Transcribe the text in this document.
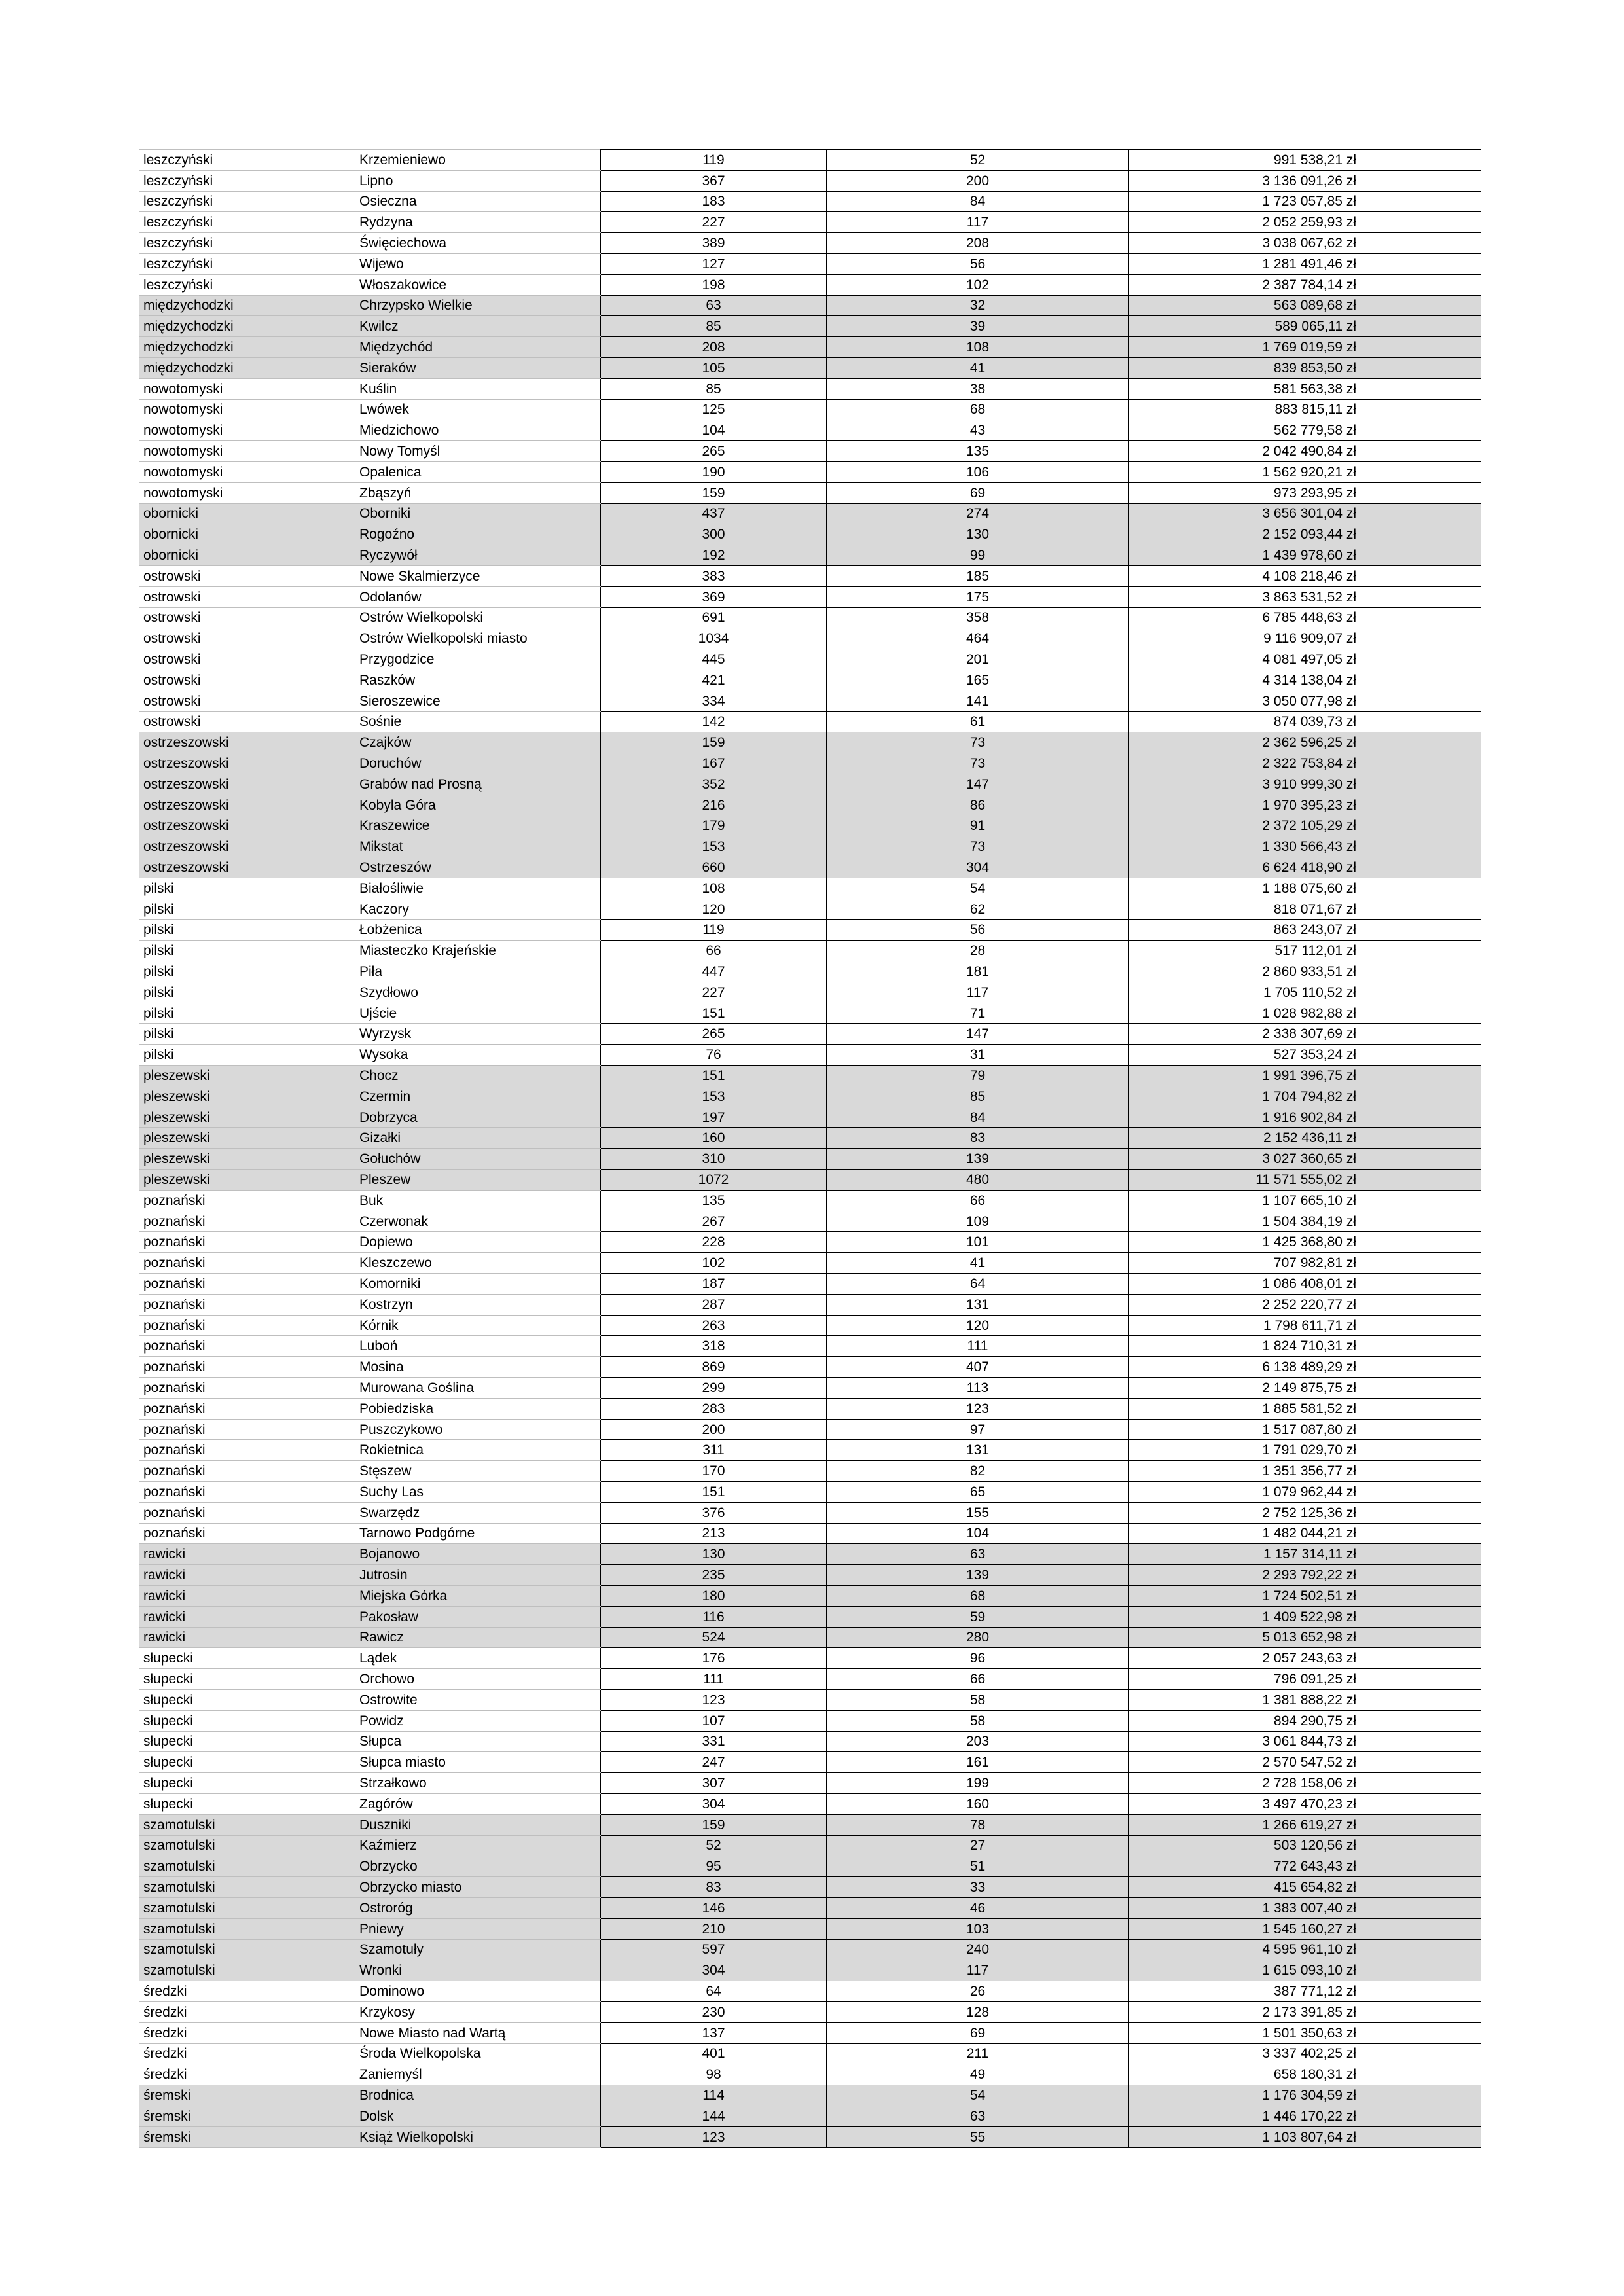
leszczyński	Krzemieniewo	119	52	991 538,21 zł
leszczyński	Lipno	367	200	3 136 091,26 zł
leszczyński	Osieczna	183	84	1 723 057,85 zł
leszczyński	Rydzyna	227	117	2 052 259,93 zł
leszczyński	Święciechowa	389	208	3 038 067,62 zł
leszczyński	Wijewo	127	56	1 281 491,46 zł
leszczyński	Włoszakowice	198	102	2 387 784,14 zł
międzychodzki	Chrzypsko Wielkie	63	32	563 089,68 zł
międzychodzki	Kwilcz	85	39	589 065,11 zł
międzychodzki	Międzychód	208	108	1 769 019,59 zł
międzychodzki	Sieraków	105	41	839 853,50 zł
nowotomyski	Kuślin	85	38	581 563,38 zł
nowotomyski	Lwówek	125	68	883 815,11 zł
nowotomyski	Miedzichowo	104	43	562 779,58 zł
nowotomyski	Nowy Tomyśl	265	135	2 042 490,84 zł
nowotomyski	Opalenica	190	106	1 562 920,21 zł
nowotomyski	Zbąszyń	159	69	973 293,95 zł
obornicki	Oborniki	437	274	3 656 301,04 zł
obornicki	Rogoźno	300	130	2 152 093,44 zł
obornicki	Ryczywół	192	99	1 439 978,60 zł
ostrowski	Nowe Skalmierzyce	383	185	4 108 218,46 zł
ostrowski	Odolanów	369	175	3 863 531,52 zł
ostrowski	Ostrów Wielkopolski	691	358	6 785 448,63 zł
ostrowski	Ostrów Wielkopolski miasto	1034	464	9 116 909,07 zł
ostrowski	Przygodzice	445	201	4 081 497,05 zł
ostrowski	Raszków	421	165	4 314 138,04 zł
ostrowski	Sieroszewice	334	141	3 050 077,98 zł
ostrowski	Sośnie	142	61	874 039,73 zł
ostrzeszowski	Czajków	159	73	2 362 596,25 zł
ostrzeszowski	Doruchów	167	73	2 322 753,84 zł
ostrzeszowski	Grabów nad Prosną	352	147	3 910 999,30 zł
ostrzeszowski	Kobyla Góra	216	86	1 970 395,23 zł
ostrzeszowski	Kraszewice	179	91	2 372 105,29 zł
ostrzeszowski	Mikstat	153	73	1 330 566,43 zł
ostrzeszowski	Ostrzeszów	660	304	6 624 418,90 zł
pilski	Białośliwie	108	54	1 188 075,60 zł
pilski	Kaczory	120	62	818 071,67 zł
pilski	Łobżenica	119	56	863 243,07 zł
pilski	Miasteczko Krajeńskie	66	28	517 112,01 zł
pilski	Piła	447	181	2 860 933,51 zł
pilski	Szydłowo	227	117	1 705 110,52 zł
pilski	Ujście	151	71	1 028 982,88 zł
pilski	Wyrzysk	265	147	2 338 307,69 zł
pilski	Wysoka	76	31	527 353,24 zł
pleszewski	Chocz	151	79	1 991 396,75 zł
pleszewski	Czermin	153	85	1 704 794,82 zł
pleszewski	Dobrzyca	197	84	1 916 902,84 zł
pleszewski	Gizałki	160	83	2 152 436,11 zł
pleszewski	Gołuchów	310	139	3 027 360,65 zł
pleszewski	Pleszew	1072	480	11 571 555,02 zł
poznański	Buk	135	66	1 107 665,10 zł
poznański	Czerwonak	267	109	1 504 384,19 zł
poznański	Dopiewo	228	101	1 425 368,80 zł
poznański	Kleszczewo	102	41	707 982,81 zł
poznański	Komorniki	187	64	1 086 408,01 zł
poznański	Kostrzyn	287	131	2 252 220,77 zł
poznański	Kórnik	263	120	1 798 611,71 zł
poznański	Luboń	318	111	1 824 710,31 zł
poznański	Mosina	869	407	6 138 489,29 zł
poznański	Murowana Goślina	299	113	2 149 875,75 zł
poznański	Pobiedziska	283	123	1 885 581,52 zł
poznański	Puszczykowo	200	97	1 517 087,80 zł
poznański	Rokietnica	311	131	1 791 029,70 zł
poznański	Stęszew	170	82	1 351 356,77 zł
poznański	Suchy Las	151	65	1 079 962,44 zł
poznański	Swarzędz	376	155	2 752 125,36 zł
poznański	Tarnowo Podgórne	213	104	1 482 044,21 zł
rawicki	Bojanowo	130	63	1 157 314,11 zł
rawicki	Jutrosin	235	139	2 293 792,22 zł
rawicki	Miejska Górka	180	68	1 724 502,51 zł
rawicki	Pakosław	116	59	1 409 522,98 zł
rawicki	Rawicz	524	280	5 013 652,98 zł
słupecki	Lądek	176	96	2 057 243,63 zł
słupecki	Orchowo	111	66	796 091,25 zł
słupecki	Ostrowite	123	58	1 381 888,22 zł
słupecki	Powidz	107	58	894 290,75 zł
słupecki	Słupca	331	203	3 061 844,73 zł
słupecki	Słupca miasto	247	161	2 570 547,52 zł
słupecki	Strzałkowo	307	199	2 728 158,06 zł
słupecki	Zagórów	304	160	3 497 470,23 zł
szamotulski	Duszniki	159	78	1 266 619,27 zł
szamotulski	Kaźmierz	52	27	503 120,56 zł
szamotulski	Obrzycko	95	51	772 643,43 zł
szamotulski	Obrzycko miasto	83	33	415 654,82 zł
szamotulski	Ostroróg	146	46	1 383 007,40 zł
szamotulski	Pniewy	210	103	1 545 160,27 zł
szamotulski	Szamotuły	597	240	4 595 961,10 zł
szamotulski	Wronki	304	117	1 615 093,10 zł
średzki	Dominowo	64	26	387 771,12 zł
średzki	Krzykosy	230	128	2 173 391,85 zł
średzki	Nowe Miasto nad Wartą	137	69	1 501 350,63 zł
średzki	Środa Wielkopolska	401	211	3 337 402,25 zł
średzki	Zaniemyśl	98	49	658 180,31 zł
śremski	Brodnica	114	54	1 176 304,59 zł
śremski	Dolsk	144	63	1 446 170,22 zł
śremski	Książ Wielkopolski	123	55	1 103 807,64 zł
